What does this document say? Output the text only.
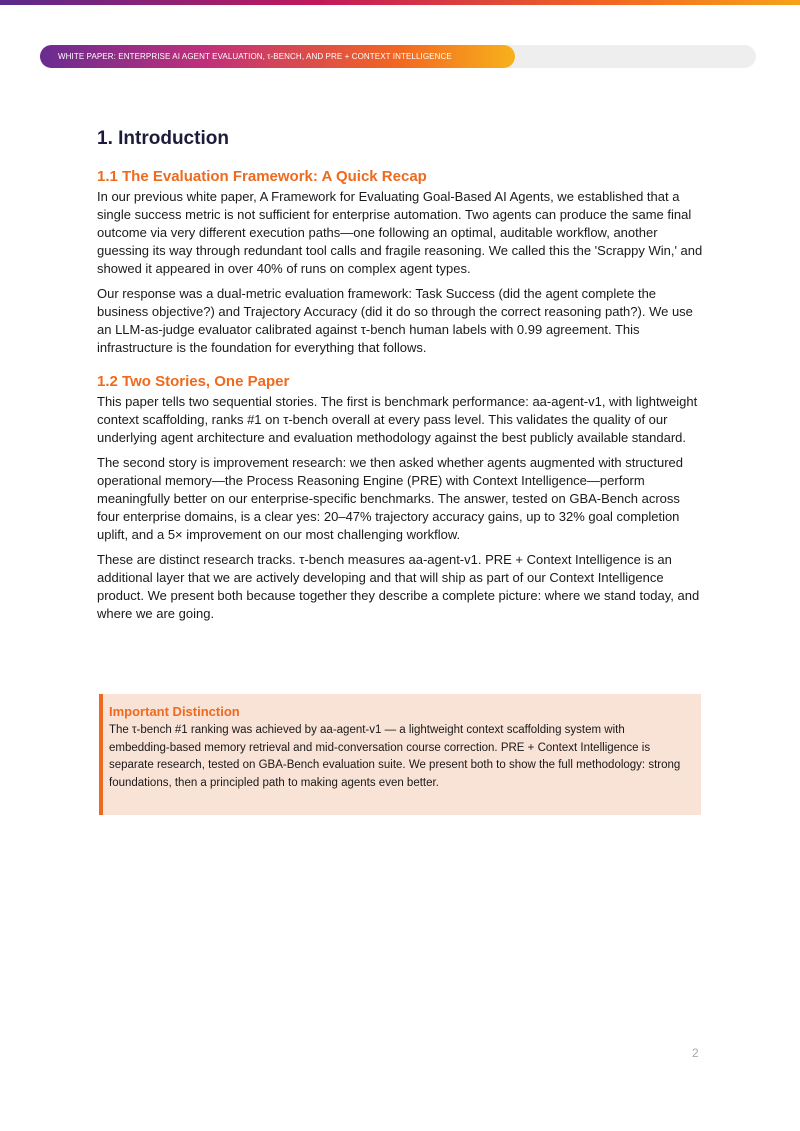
WHITE PAPER: ENTERPRISE AI AGENT EVALUATION, τ-BENCH, AND PRE + CONTEXT INTELLIGENCE
1. Introduction
1.1 The Evaluation Framework: A Quick Recap

In our previous white paper, A Framework for Evaluating Goal-Based AI Agents, we established that a single success metric is not sufficient for enterprise automation. Two agents can produce the same final outcome via very different execution paths—one following an optimal, auditable workflow, another guessing its way through redundant tool calls and fragile reasoning. We called this the 'Scrappy Win,' and showed it appeared in over 40% of runs on complex agent types.

Our response was a dual-metric evaluation framework: Task Success (did the agent complete the business objective?) and Trajectory Accuracy (did it do so through the correct reasoning path?). We use an LLM-as-judge evaluator calibrated against τ-bench human labels with 0.99 agreement. This infrastructure is the foundation for everything that follows.

1.2 Two Stories, One Paper

This paper tells two sequential stories. The first is benchmark performance: aa-agent-v1, with lightweight context scaffolding, ranks #1 on τ-bench overall at every pass level. This validates the quality of our underlying agent architecture and evaluation methodology against the best publicly available standard.

The second story is improvement research: we then asked whether agents augmented with structured operational memory—the Process Reasoning Engine (PRE) with Context Intelligence—perform meaningfully better on our enterprise-specific benchmarks. The answer, tested on GBA-Bench across four enterprise domains, is a clear yes: 20–47% trajectory accuracy gains, up to 32% goal completion uplift, and a 5× improvement on our most challenging workflow.

These are distinct research tracks. τ-bench measures aa-agent-v1. PRE + Context Intelligence is an additional layer that we are actively developing and that will ship as part of our Context Intelligence product. We present both because together they describe a complete picture: where we stand today, and where we are going.

Important Distinction

The τ-bench #1 ranking was achieved by aa-agent-v1 — a lightweight context scaffolding system with embedding-based memory retrieval and mid-conversation course correction. PRE + Context Intelligence is separate research, tested on GBA-Bench evaluation suite. We present both to show the full methodology: strong foundations, then a principled path to making agents even better.

2
